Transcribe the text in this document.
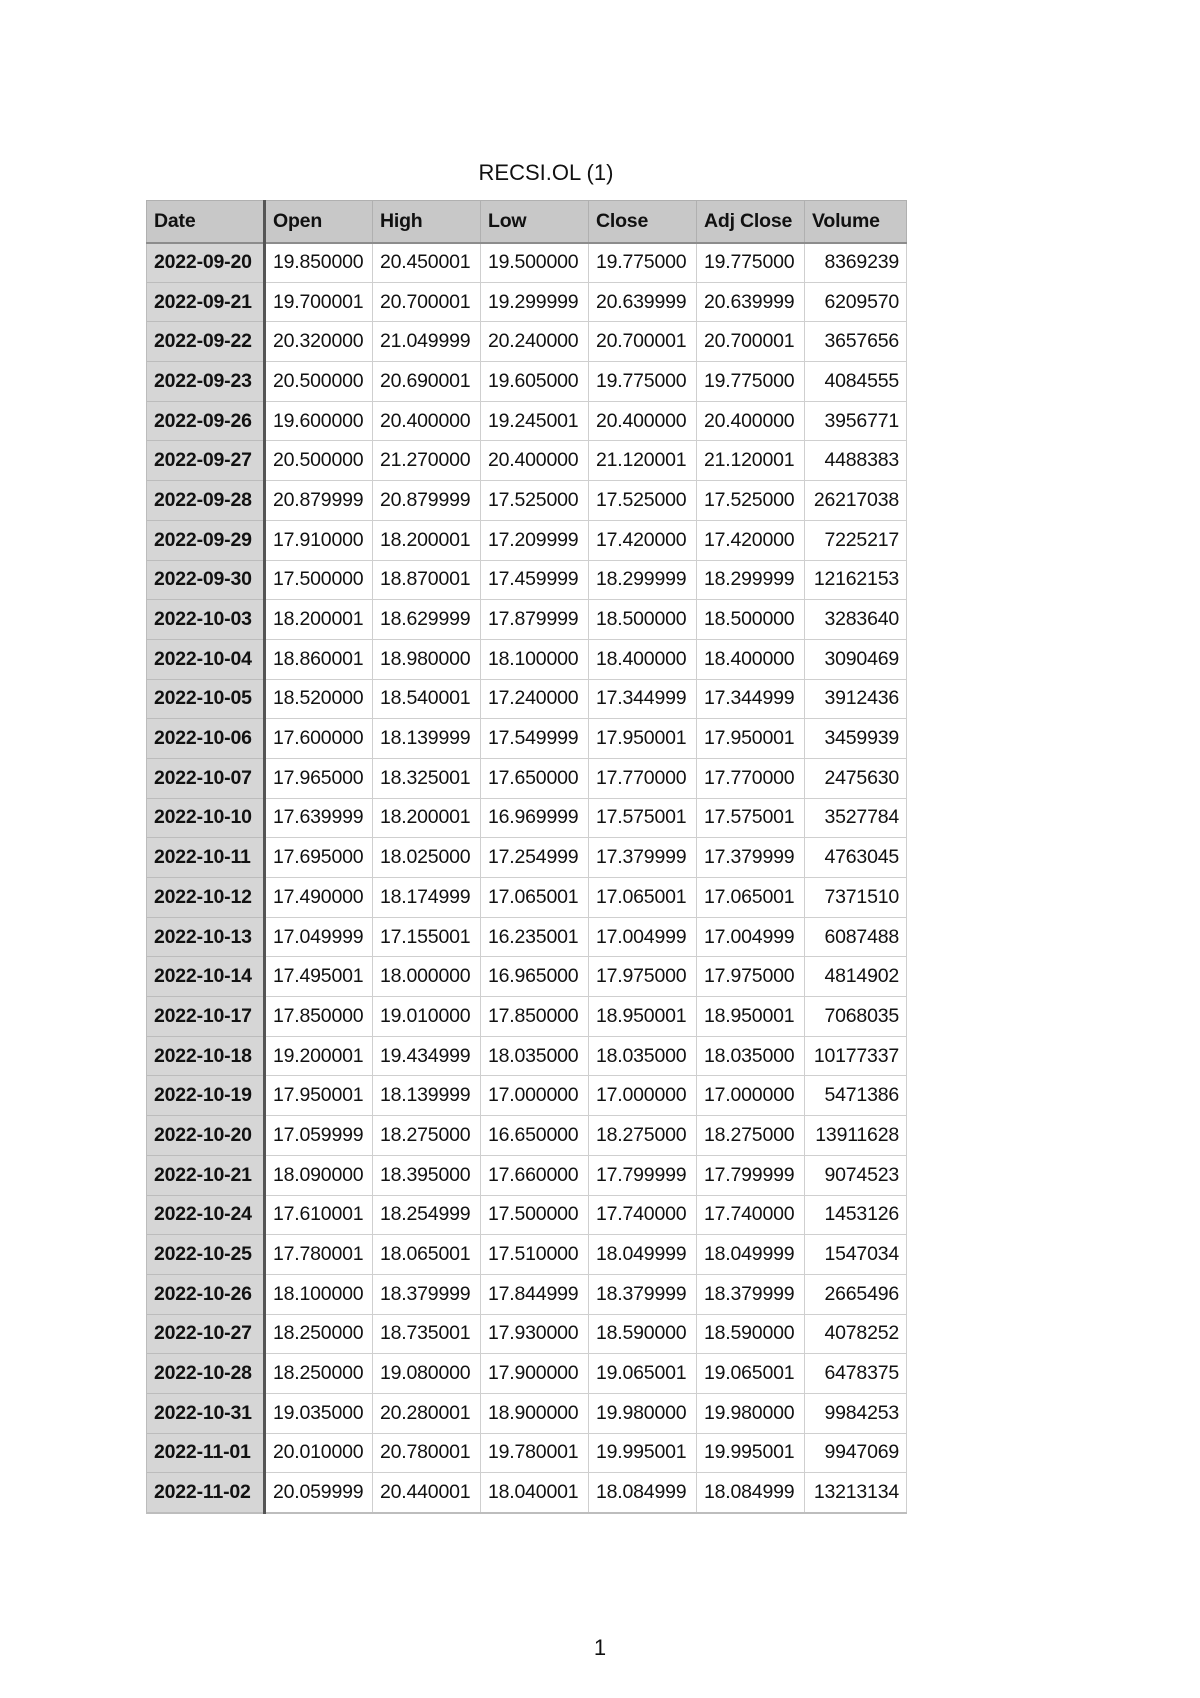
RECSI.OL (1)
Date	Open	High	Low	Close	Adj Close	Volume
2022-09-20	19.850000	20.450001	19.500000	19.775000	19.775000	8369239
2022-09-21	19.700001	20.700001	19.299999	20.639999	20.639999	6209570
2022-09-22	20.320000	21.049999	20.240000	20.700001	20.700001	3657656
2022-09-23	20.500000	20.690001	19.605000	19.775000	19.775000	4084555
2022-09-26	19.600000	20.400000	19.245001	20.400000	20.400000	3956771
2022-09-27	20.500000	21.270000	20.400000	21.120001	21.120001	4488383
2022-09-28	20.879999	20.879999	17.525000	17.525000	17.525000	26217038
2022-09-29	17.910000	18.200001	17.209999	17.420000	17.420000	7225217
2022-09-30	17.500000	18.870001	17.459999	18.299999	18.299999	12162153
2022-10-03	18.200001	18.629999	17.879999	18.500000	18.500000	3283640
2022-10-04	18.860001	18.980000	18.100000	18.400000	18.400000	3090469
2022-10-05	18.520000	18.540001	17.240000	17.344999	17.344999	3912436
2022-10-06	17.600000	18.139999	17.549999	17.950001	17.950001	3459939
2022-10-07	17.965000	18.325001	17.650000	17.770000	17.770000	2475630
2022-10-10	17.639999	18.200001	16.969999	17.575001	17.575001	3527784
2022-10-11	17.695000	18.025000	17.254999	17.379999	17.379999	4763045
2022-10-12	17.490000	18.174999	17.065001	17.065001	17.065001	7371510
2022-10-13	17.049999	17.155001	16.235001	17.004999	17.004999	6087488
2022-10-14	17.495001	18.000000	16.965000	17.975000	17.975000	4814902
2022-10-17	17.850000	19.010000	17.850000	18.950001	18.950001	7068035
2022-10-18	19.200001	19.434999	18.035000	18.035000	18.035000	10177337
2022-10-19	17.950001	18.139999	17.000000	17.000000	17.000000	5471386
2022-10-20	17.059999	18.275000	16.650000	18.275000	18.275000	13911628
2022-10-21	18.090000	18.395000	17.660000	17.799999	17.799999	9074523
2022-10-24	17.610001	18.254999	17.500000	17.740000	17.740000	1453126
2022-10-25	17.780001	18.065001	17.510000	18.049999	18.049999	1547034
2022-10-26	18.100000	18.379999	17.844999	18.379999	18.379999	2665496
2022-10-27	18.250000	18.735001	17.930000	18.590000	18.590000	4078252
2022-10-28	18.250000	19.080000	17.900000	19.065001	19.065001	6478375
2022-10-31	19.035000	20.280001	18.900000	19.980000	19.980000	9984253
2022-11-01	20.010000	20.780001	19.780001	19.995001	19.995001	9947069
2022-11-02	20.059999	20.440001	18.040001	18.084999	18.084999	13213134
1
